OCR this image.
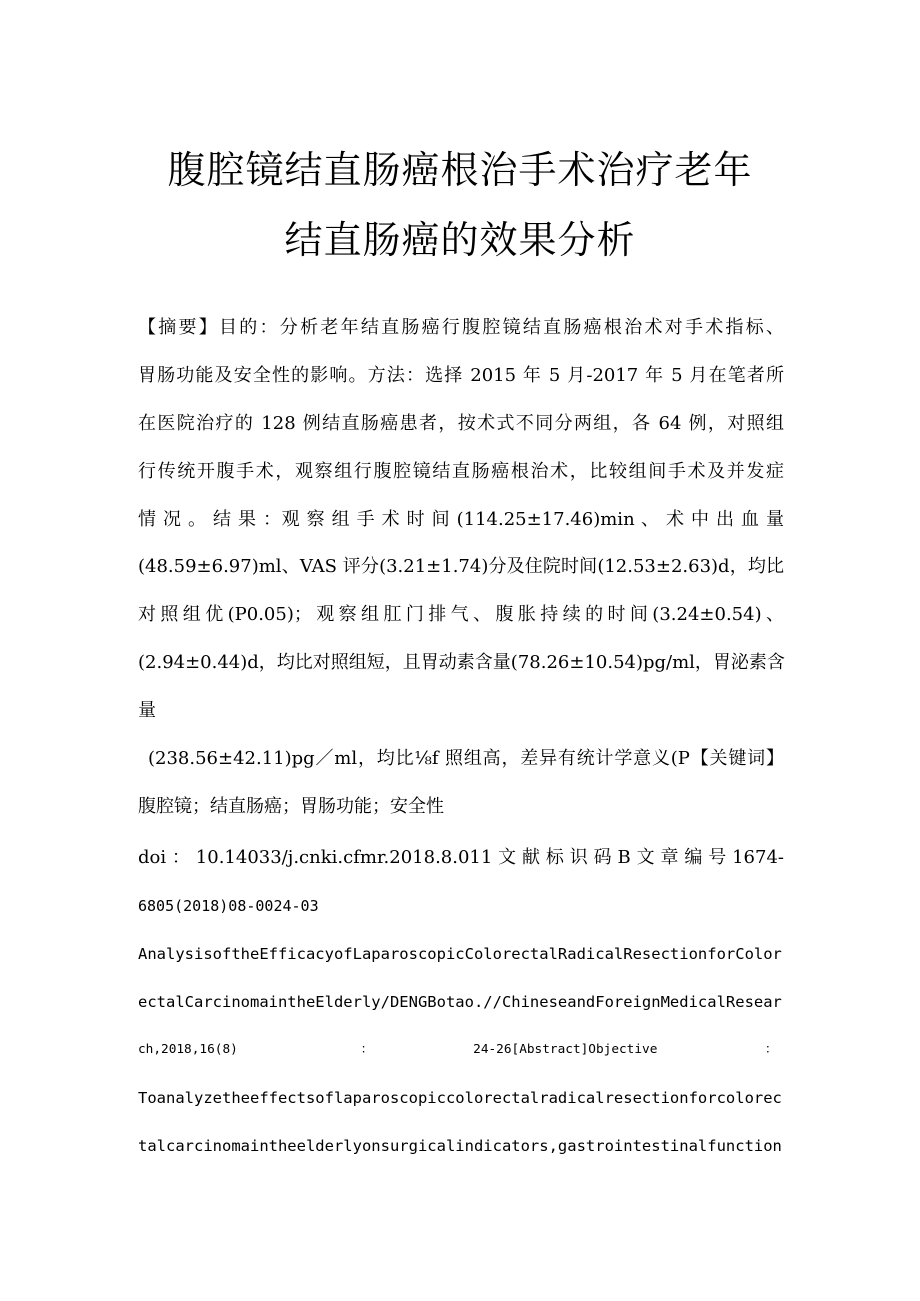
腹腔镜结直肠癌根治手术治疗老年
结直肠癌的效果分析
【摘要】目的：分析老年结直肠癌行腹腔镜结直肠癌根治术对手术指标、
胃肠功能及安全性的影响。方法：选择 2015 年 5 月-2017 年 5 月在笔者所
在医院治疗的 128 例结直肠癌患者，按术式不同分两组，各 64 例，对照组
行传统开腹手术，观察组行腹腔镜结直肠癌根治术，比较组间手术及并发症
情 况 。 结 果 ：观 察 组 手 术 时 间 (114.25±17.46)min 、 术 中 出 血 量
(48.59±6.97)ml、VAS 评分(3.21±1.74)分及住院时间(12.53±2.63)d，均比
对照组优(P0.05)；观察组肛门排气、腹胀持续的时间(3.24±0.54)、
(2.94±0.44)d，均比对照组短，且胃动素含量(78.26±10.54)pg/ml，胃泌素含
量
(238.56±42.11)pg／ml，均比⅛f 照组高，差异有统计学意义(P【关键词】
腹腔镜；结直肠癌；胃肠功能；安全性
doi ： 10.14033/j.cnki.cfmr.2018.8.011 文 献 标 识 码 B 文 章 编 号 1674-
6805(2018)08-0024-03
AnalysisoftheEfficacyofLaparoscopicColorectalRadicalResectionforColor
ectalCarcinomaintheElderly/DENGBotao.//ChineseandForeignMedicalResear
ch,2018,16(8)                ：             24-26[Abstract]Objective              ：
Toanalyzetheeffectsoflaparoscopiccolorectalradicalresectionforcolorec
talcarcinomaintheelderlyonsurgicalindicators,gastrointestinalfunction
